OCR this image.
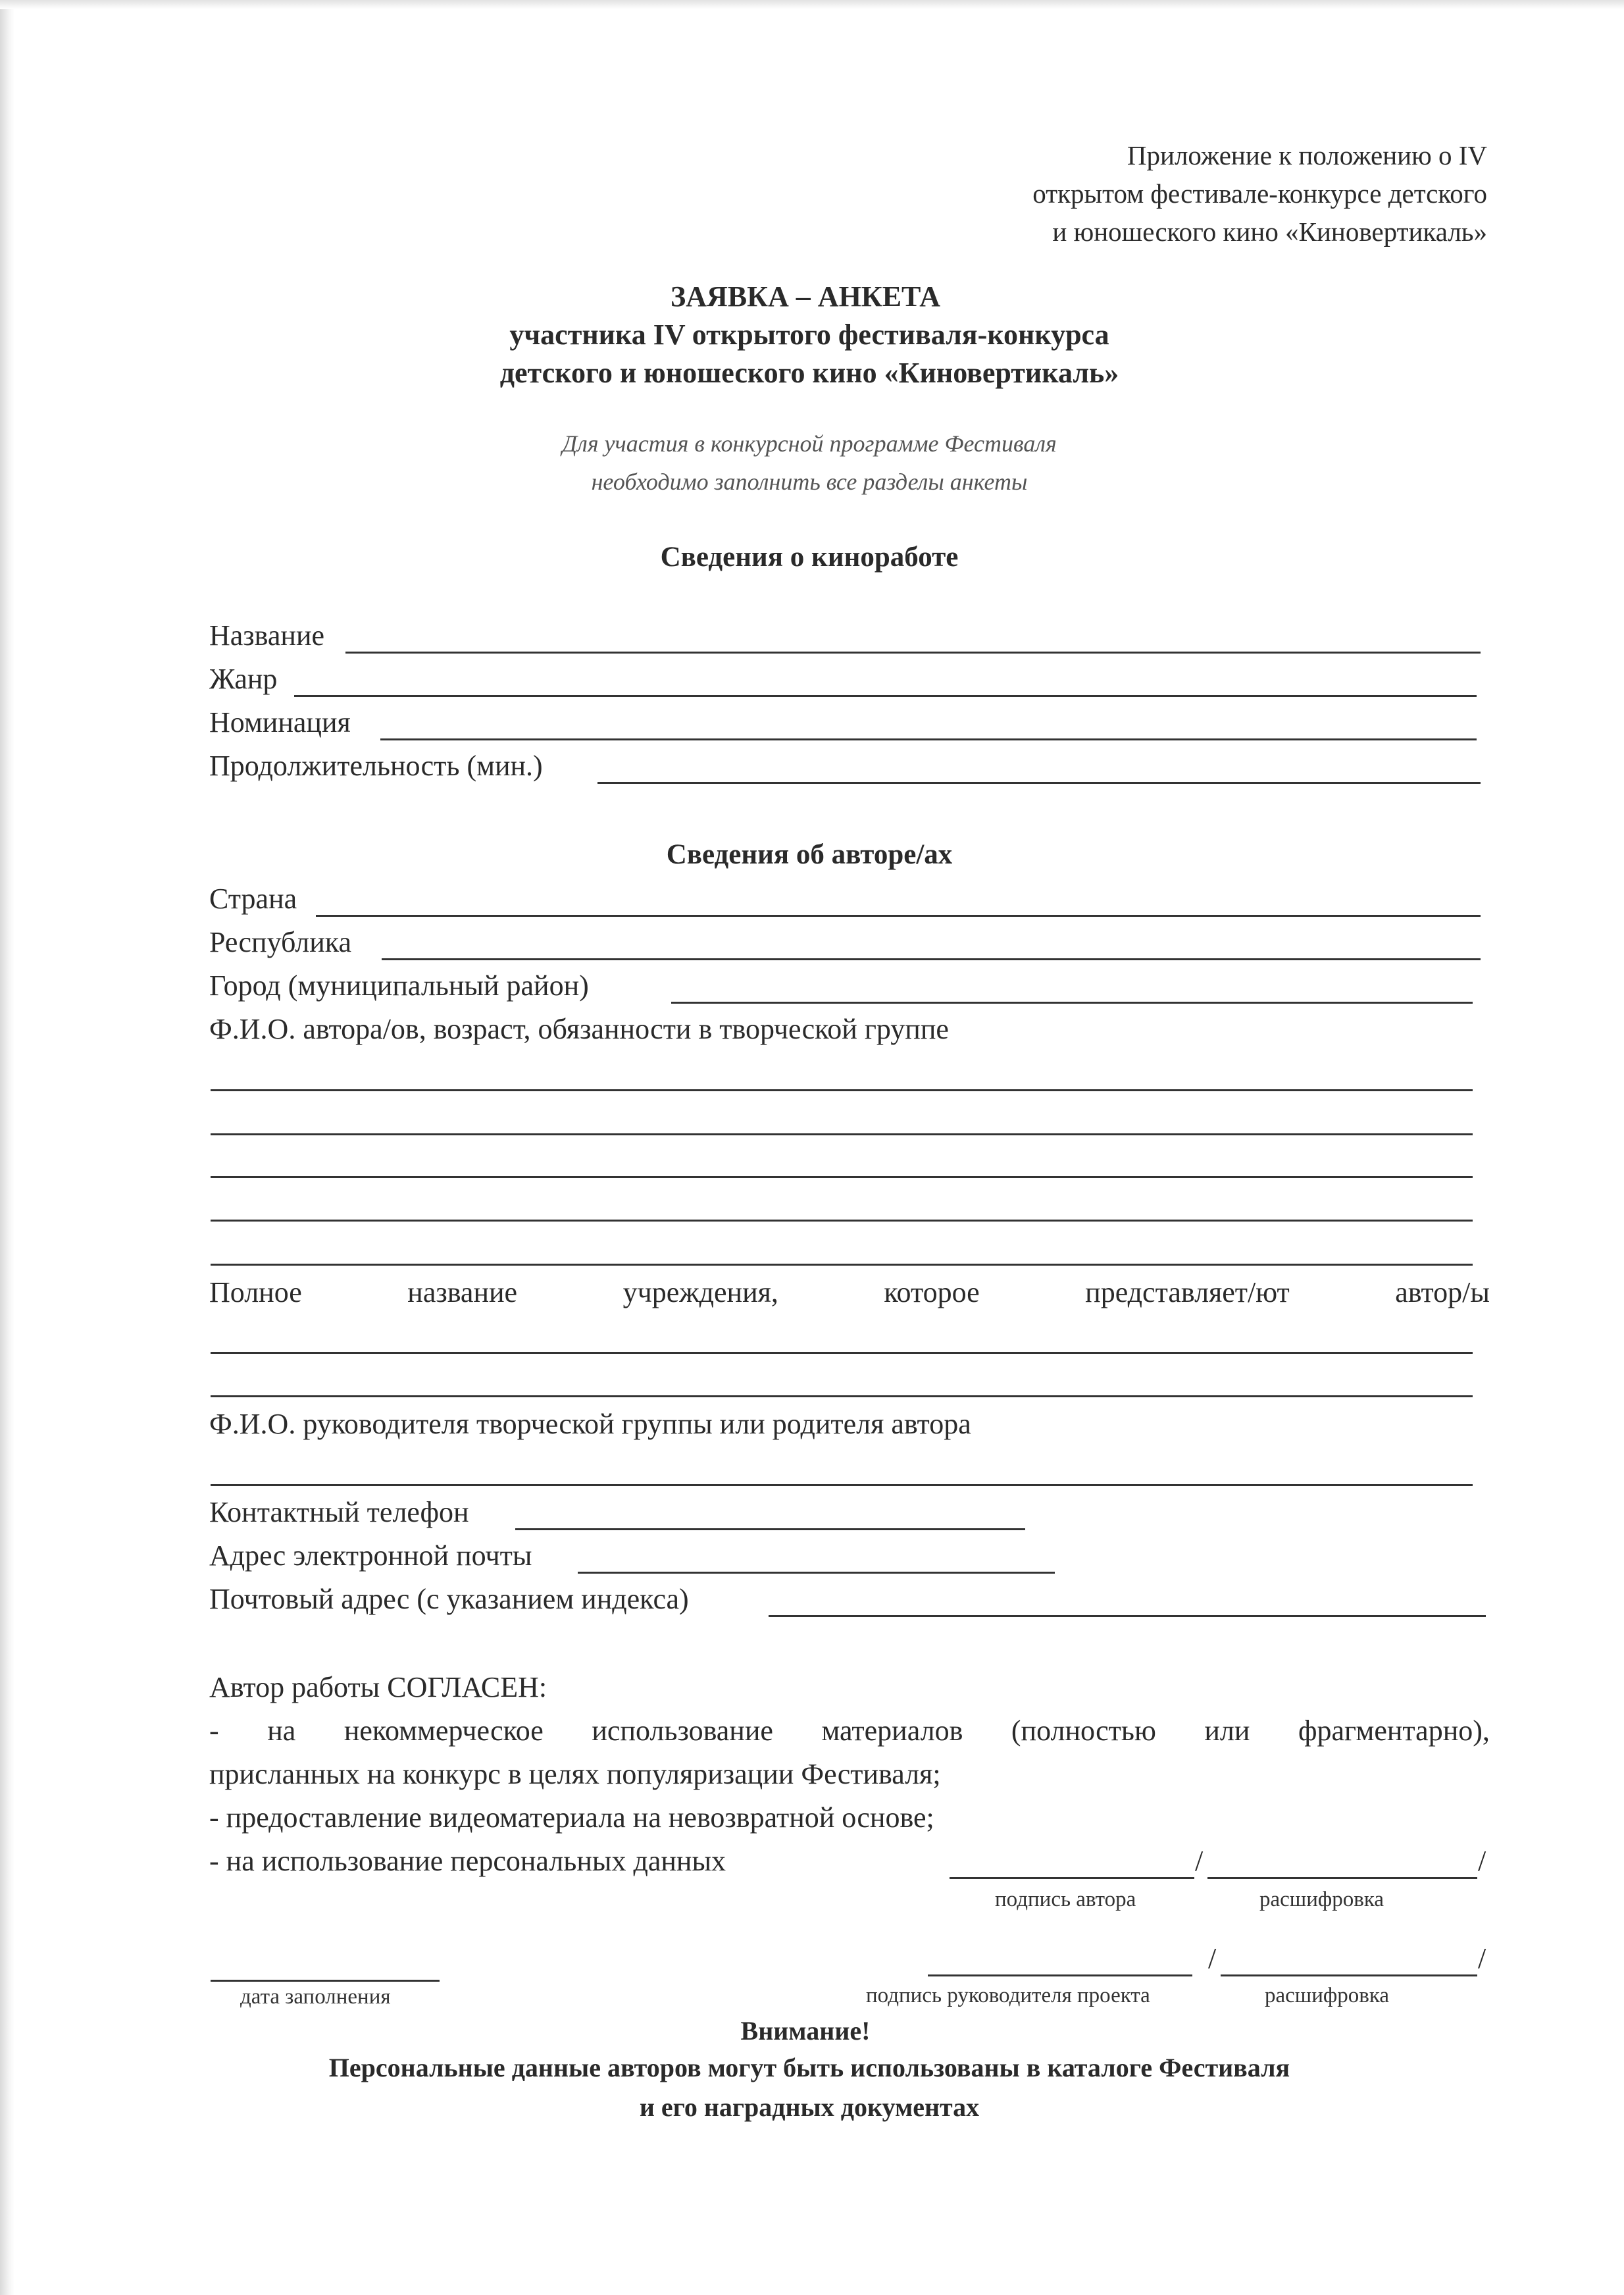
Приложение к положению о IV
открытом фестивале-конкурсе детского
и юношеского кино «Киновертикаль»
ЗАЯВКА – АНКЕТА
участника IV открытого фестиваля-конкурса
детского и юношеского кино «Киновертикаль»
Для участия в конкурсной программе Фестиваля
необходимо заполнить все разделы анкеты
Сведения о киноработе
Название
Жанр
Номинация
Продолжительность (мин.)
Сведения об авторе/ах
Страна
Республика
Город (муниципальный район)
Ф.И.О. автора/ов, возраст, обязанности в творческой группе
Полное	название	учреждения,	которое	представляет/ют	автор/ы
Ф.И.О. руководителя творческой группы или родителя автора
Контактный телефон
Адрес электронной почты
Почтовый адрес (с указанием индекса)
Автор работы СОГЛАСЕН:
- на некоммерческое использование материалов (полностью или фрагментарно),
присланных на конкурс в целях популяризации Фестиваля;
- предоставление видеоматериала на невозвратной основе;
- на использование персональных данных	/	/
подпись автора	расшифровка
дата заполнения
/	/
подпись руководителя проекта	расшифровка
Внимание!
Персональные данные авторов могут быть использованы в каталоге Фестиваля
и его наградных документах
